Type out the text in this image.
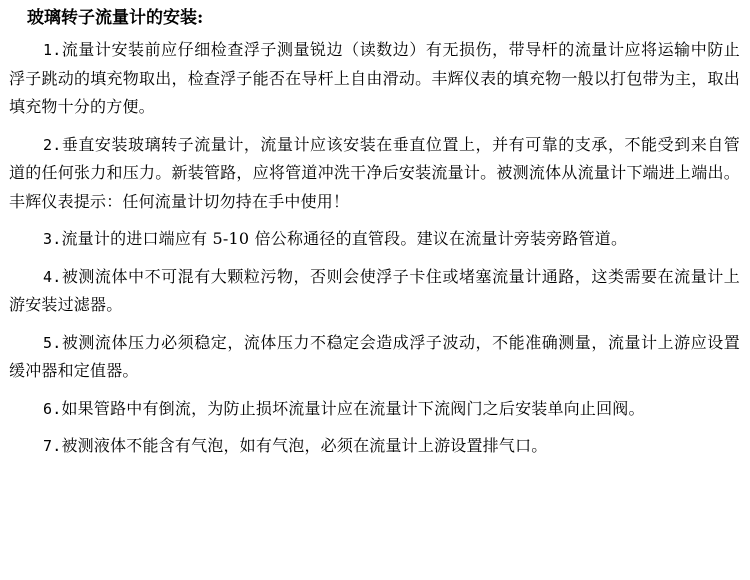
玻璃转子流量计的安装:

1.流量计安装前应仔细检查浮子测量锐边（读数边）有无损伤，带导杆的流量计应将运输中防止浮子跳动的填充物取出，检查浮子能否在导杆上自由滑动。丰辉仪表的填充物一般以打包带为主，取出填充物十分的方便。

2.垂直安装玻璃转子流量计，流量计应该安装在垂直位置上，并有可靠的支承，不能受到来自管道的任何张力和压力。新装管路，应将管道冲洗干净后安装流量计。被测流体从流量计下端进上端出。丰辉仪表提示：任何流量计切勿持在手中使用！

3.流量计的进口端应有 5-10 倍公称通径的直管段。建议在流量计旁装旁路管道。

4.被测流体中不可混有大颗粒污物，否则会使浮子卡住或堵塞流量计通路，这类需要在流量计上游安装过滤器。

5.被测流体压力必须稳定，流体压力不稳定会造成浮子波动，不能准确测量，流量计上游应设置缓冲器和定值器。

6.如果管路中有倒流，为防止损坏流量计应在流量计下流阀门之后安装单向止回阀。

7.被测液体不能含有气泡，如有气泡，必须在流量计上游设置排气口。
